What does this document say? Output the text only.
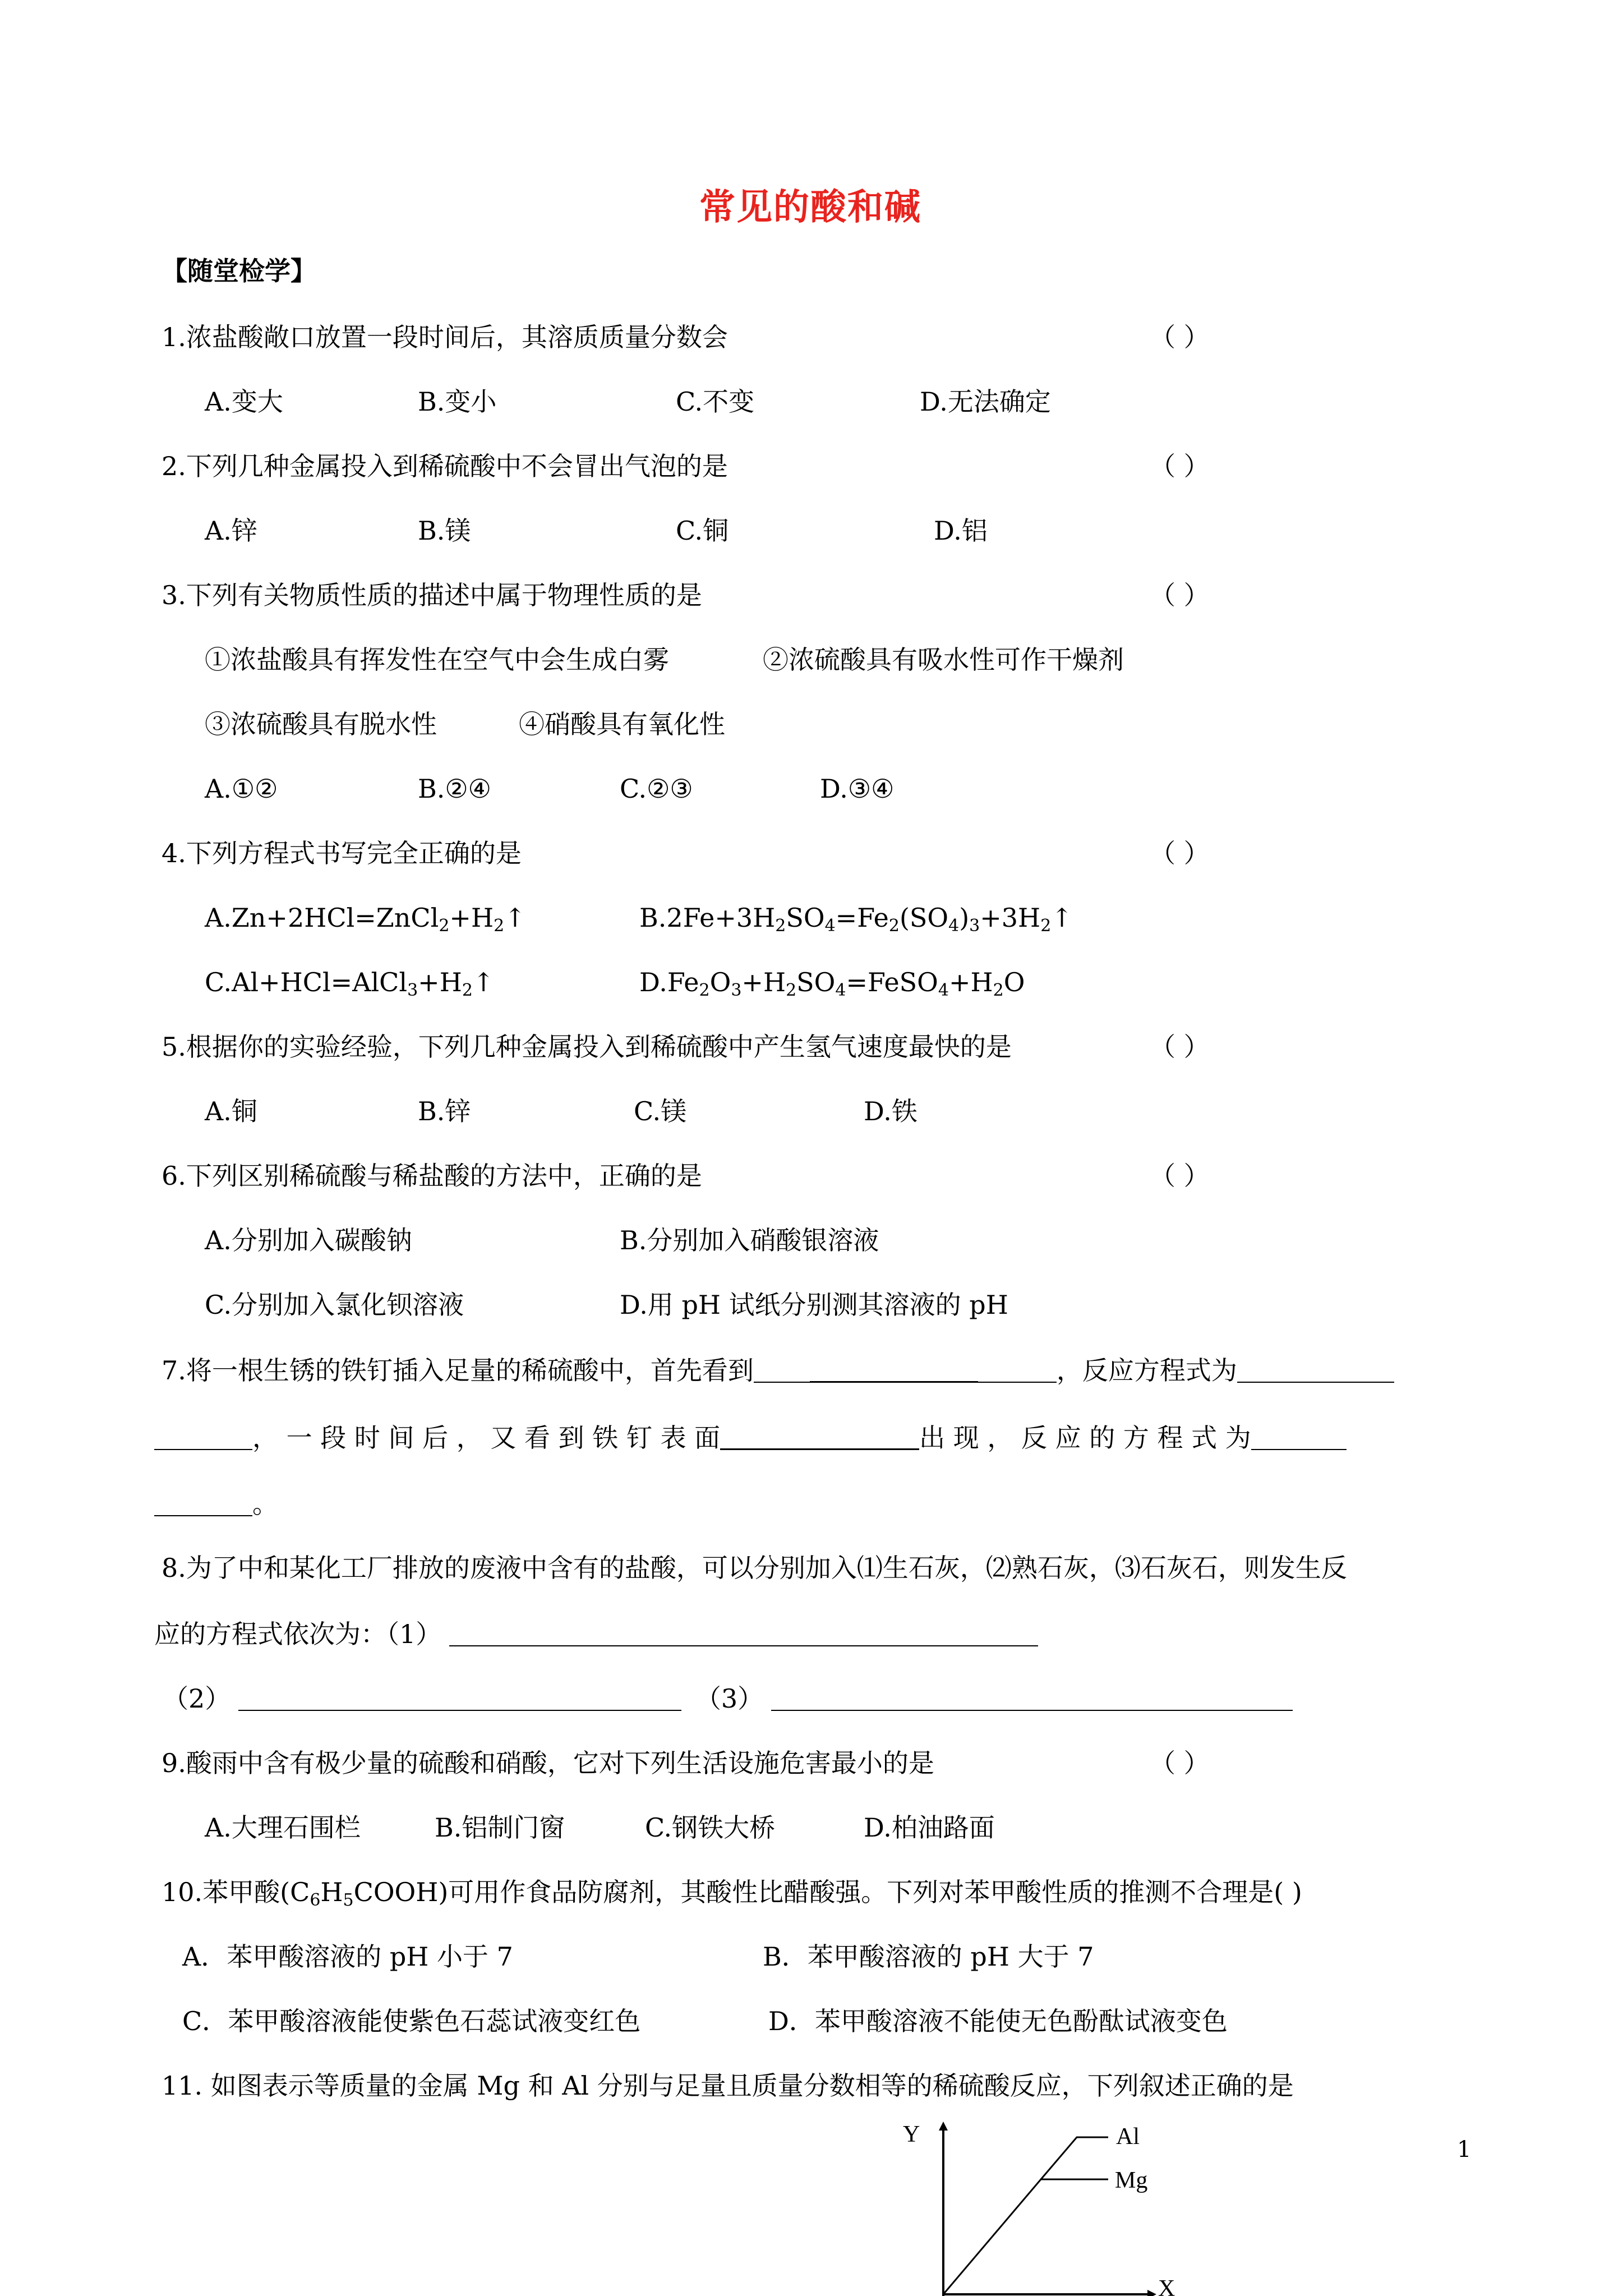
常见的酸和碱
【随堂检学】
1.浓盐酸敞口放置一段时间后，其溶质质量分数会	（ ）
A.变大	B.变小	C.不变	D.无法确定
2.下列几种金属投入到稀硫酸中不会冒出气泡的是	（ ）
A.锌	B.镁	C.铜	D.铝
3.下列有关物质性质的描述中属于物理性质的是	（ ）
①浓盐酸具有挥发性在空气中会生成白雾	②浓硫酸具有吸水性可作干燥剂
③浓硫酸具有脱水性	④硝酸具有氧化性
A.①②	B.②④	C.②③	D.③④
4.下列方程式书写完全正确的是	（ ）
$A.Zn+2HCl=ZnCl_2+H_2↑$	$B.2Fe+3H_2SO_4=Fe_2(SO_4)_3+3H_2↑$
$C.Al+HCl=AlCl_3+H_2↑$	$D.Fe_2O_3+H_2SO_4=FeSO_4+H_2O$
5.根据你的实验经验，下列几种金属投入到稀硫酸中产生氢气速度最快的是	（ ）
A.铜	B.锌	C.镁	D.铁
6.下列区别稀硫酸与稀盐酸的方法中，正确的是	（ ）
A.分别加入碳酸钠	B.分别加入硝酸银溶液
C.分别加入氯化钡溶液	D.用 pH 试纸分别测其溶液的 pH
7.将一根生锈的铁钉插入足量的稀硫酸中，首先看到	，反应方程式为
， 一 段 时 间 后 ， 又 看 到 铁 钉 表 面	出 现 ， 反 应 的 方 程 式 为
。
8.为了中和某化工厂排放的废液中含有的盐酸，可以分别加入⑴生石灰，⑵熟石灰，⑶石灰石，则发生反
应的方程式依次为：（1）
（2）	（3）
9.酸雨中含有极少量的硫酸和硝酸，它对下列生活设施危害最小的是	（ ）
A.大理石围栏	B.铝制门窗	C.钢铁大桥	D.柏油路面
10.苯甲酸$(C_6H_5COOH)$可用作食品防腐剂，其酸性比醋酸强。下列对苯甲酸性质的推测不合理是( )
A．苯甲酸溶液的 pH 小于 7	B．苯甲酸溶液的 pH 大于 7
C．苯甲酸溶液能使紫色石蕊试液变红色	D．苯甲酸溶液不能使无色酚酞试液变色
11. 如图表示等质量的金属 Mg 和 Al 分别与足量且质量分数相等的稀硫酸反应，下列叙述正确的是
1
Y
X
Al
Mg
